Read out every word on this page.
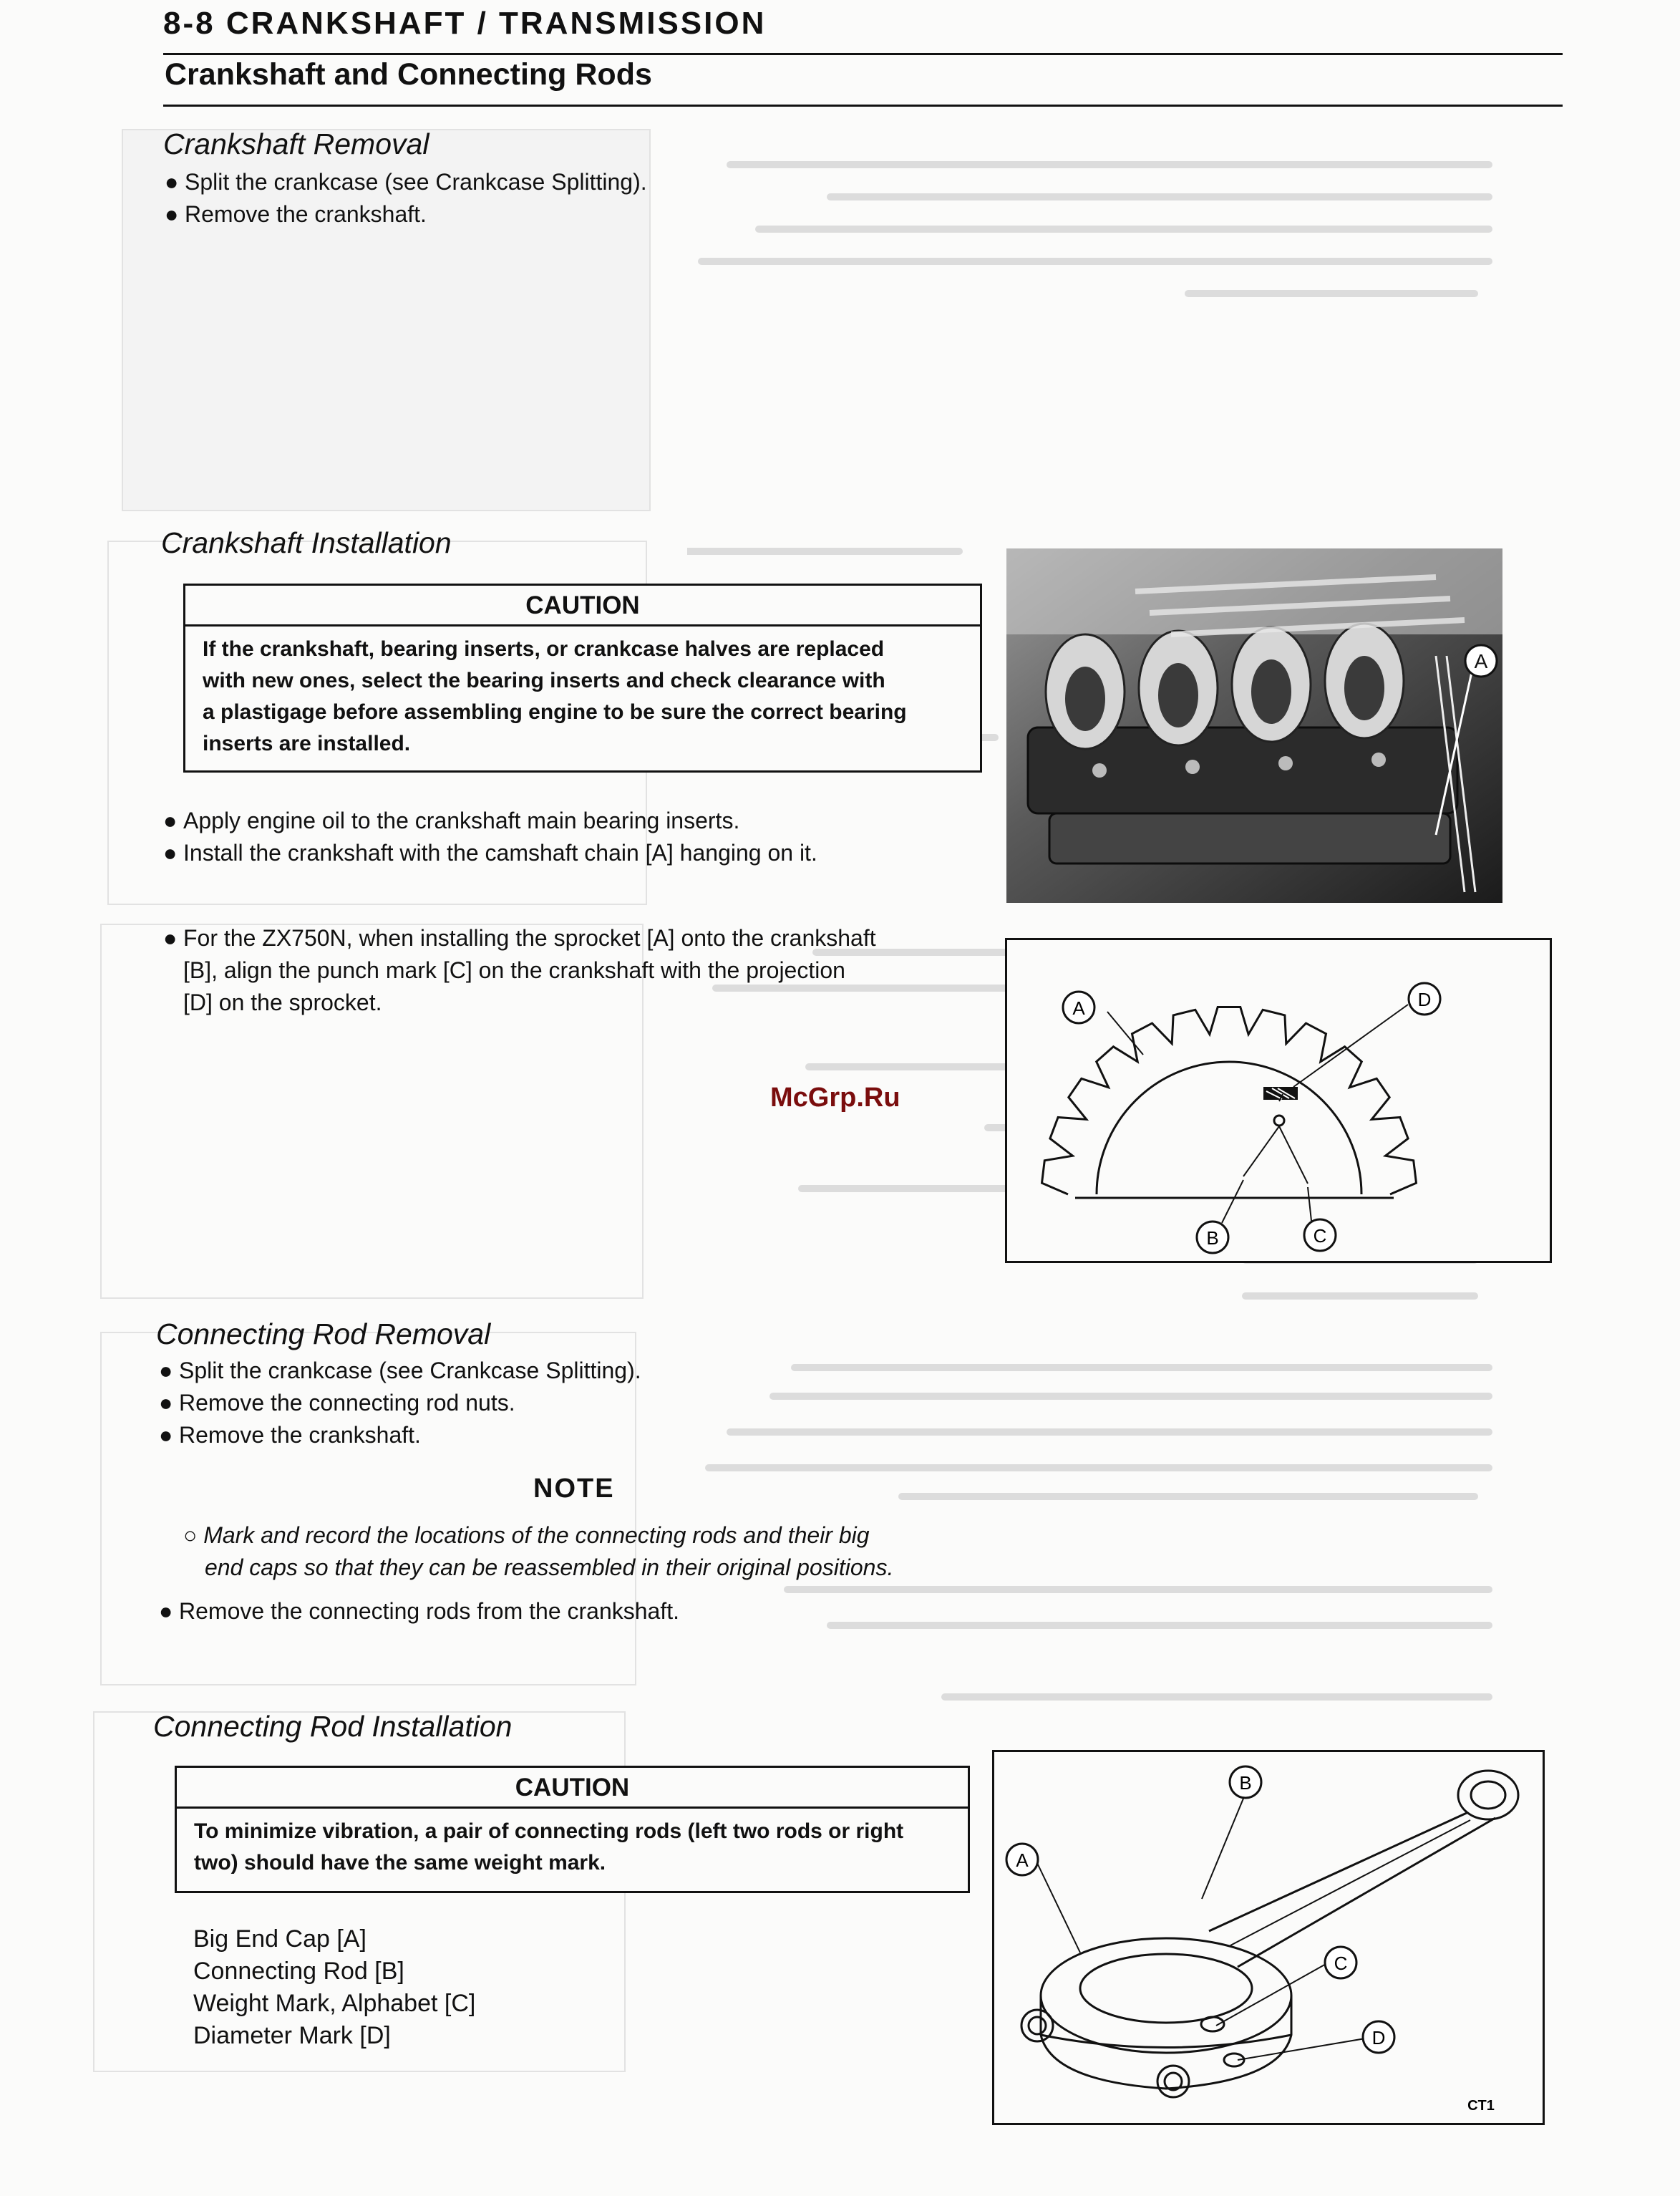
8-8 CRANKSHAFT / TRANSMISSION
Crankshaft and Connecting Rods
Crankshaft Removal
● Split the crankcase (see Crankcase Splitting).
● Remove the crankshaft.
Crankshaft Installation
CAUTION
If the crankshaft, bearing inserts, or crankcase halves are replaced
with new ones, select the bearing inserts and check clearance with
a plastigage before assembling engine to be sure the correct bearing
inserts are installed.
● Apply engine oil to the crankshaft main bearing inserts.
● Install the crankshaft with the camshaft chain [A] hanging on it.
● For the ZX750N, when installing the sprocket [A] onto the crankshaft
[B], align the punch mark [C] on the crankshaft with the projection
[D] on the sprocket.
A
A	D
B	C
McGrp.Ru
Connecting Rod Removal
● Split the crankcase (see Crankcase Splitting).
● Remove the connecting rod nuts.
● Remove the crankshaft.
NOTE
○ Mark and record the locations of the connecting rods and their big
end caps so that they can be reassembled in their original positions.
● Remove the connecting rods from the crankshaft.
Connecting Rod Installation
CAUTION
To minimize vibration, a pair of connecting rods (left two rods or right
two) should have the same weight mark.
Big End Cap [A]
Connecting Rod [B]
Weight Mark, Alphabet [C]
Diameter Mark [D]
A
B
C
D
CT1
